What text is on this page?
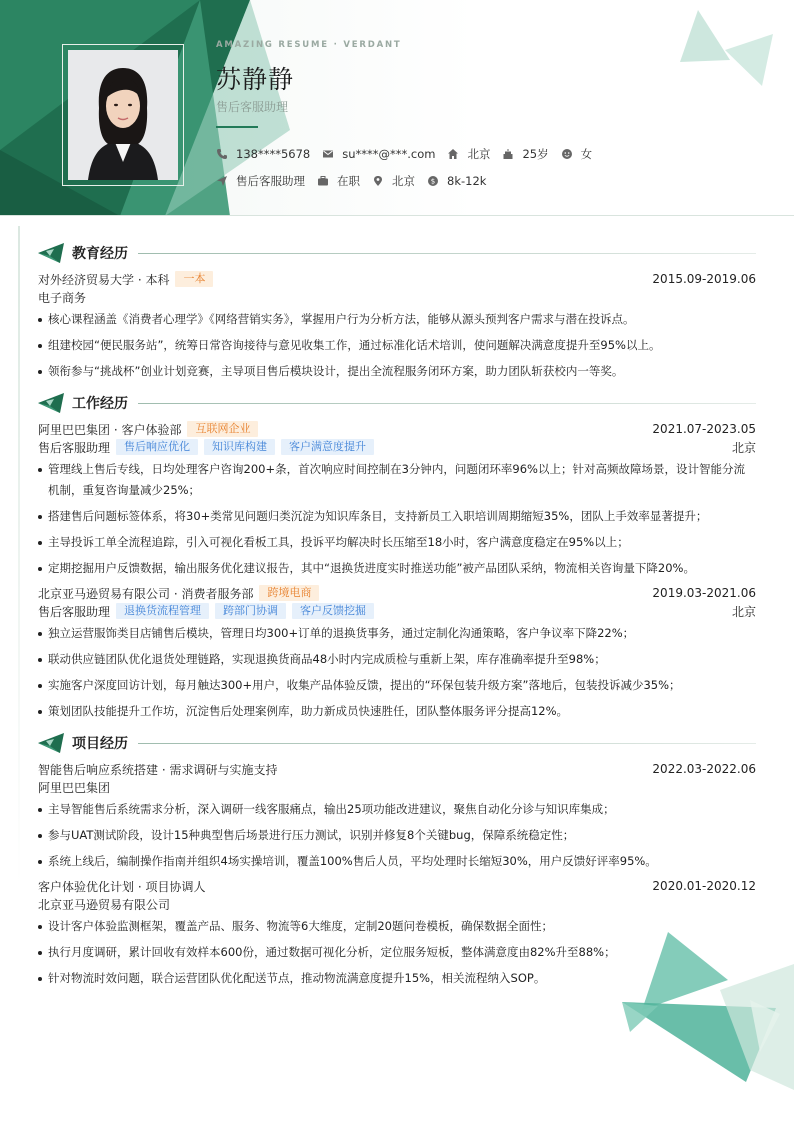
AMAZING RESUME · VERDANT
苏静静
售后客服助理
138****5678	su****@***.com	北京	25岁	女
售后客服助理	在职	北京 $ 8k-12k
教育经历
对外经济贸易大学 · 本科	一本	2015.09-2019.06
电子商务
核心课程涵盖《消费者心理学》《网络营销实务》，掌握用户行为分析方法，能够从源头预判客户需求与潜在投诉点。
组建校园“便民服务站”，统筹日常咨询接待与意见收集工作，通过标准化话术培训，使问题解决满意度提升至95%以上。
领衔参与“挑战杯”创业计划竞赛，主导项目售后模块设计，提出全流程服务闭环方案，助力团队斩获校内一等奖。
工作经历
阿里巴巴集团 · 客户体验部	互联网企业	2021.07-2023.05
售后客服助理	售后响应优化	知识库构建	客户满意度提升	北京
管理线上售后专线，日均处理客户咨询200+条，首次响应时间控制在3分钟内，问题闭环率96%以上；针对高频故障场景，设计智能分流机制，重复咨询量减少25%；
搭建售后问题标签体系，将30+类常见问题归类沉淀为知识库条目，支持新员工入职培训周期缩短35%，团队上手效率显著提升；
主导投诉工单全流程追踪，引入可视化看板工具，投诉平均解决时长压缩至18小时，客户满意度稳定在95%以上；
定期挖掘用户反馈数据，输出服务优化建议报告，其中“退换货进度实时推送功能”被产品团队采纳，物流相关咨询量下降20%。
北京亚马逊贸易有限公司 · 消费者服务部	跨境电商	2019.03-2021.06
售后客服助理	退换货流程管理	跨部门协调	客户反馈挖掘	北京
独立运营服饰类目店铺售后模块，管理日均300+订单的退换货事务，通过定制化沟通策略，客户争议率下降22%；
联动供应链团队优化退货处理链路，实现退换货商品48小时内完成质检与重新上架，库存准确率提升至98%；
实施客户深度回访计划，每月触达300+用户，收集产品体验反馈，提出的“环保包装升级方案”落地后，包装投诉减少35%；
策划团队技能提升工作坊，沉淀售后处理案例库，助力新成员快速胜任，团队整体服务评分提高12%。
项目经历
智能售后响应系统搭建 · 需求调研与实施支持	2022.03-2022.06
阿里巴巴集团
主导智能售后系统需求分析，深入调研一线客服痛点，输出25项功能改进建议，聚焦自动化分诊与知识库集成；
参与UAT测试阶段，设计15种典型售后场景进行压力测试，识别并修复8个关键bug，保障系统稳定性；
系统上线后，编制操作指南并组织4场实操培训，覆盖100%售后人员，平均处理时长缩短30%，用户反馈好评率95%。
客户体验优化计划 · 项目协调人	2020.01-2020.12
北京亚马逊贸易有限公司
设计客户体验监测框架，覆盖产品、服务、物流等6大维度，定制20题问卷模板，确保数据全面性；
执行月度调研，累计回收有效样本600份，通过数据可视化分析，定位服务短板，整体满意度由82%升至88%；
针对物流时效问题，联合运营团队优化配送节点，推动物流满意度提升15%，相关流程纳入SOP。
